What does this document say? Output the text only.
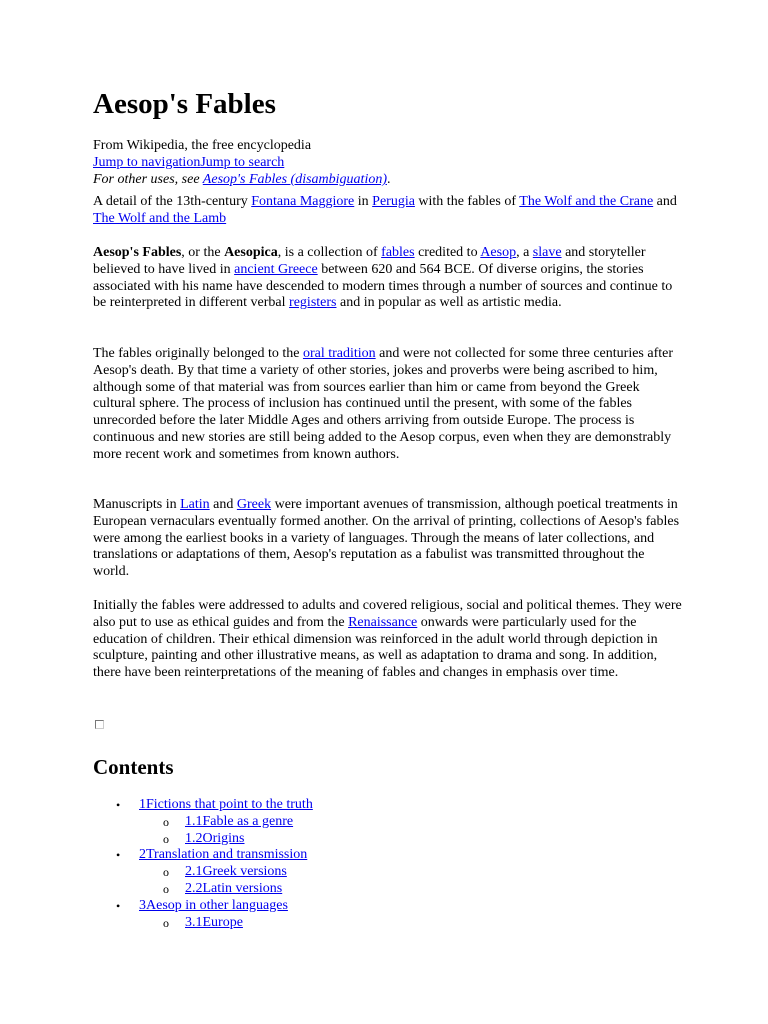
Aesop's Fables
From Wikipedia, the free encyclopedia
Jump to navigationJump to search
For other uses, see Aesop's Fables (disambiguation).

A detail of the 13th-century Fontana Maggiore in Perugia with the fables of The Wolf and the Crane and The Wolf and the Lamb

Aesop's Fables, or the Aesopica, is a collection of fables credited to Aesop, a slave and storyteller believed to have lived in ancient Greece between 620 and 564 BCE. Of diverse origins, the stories associated with his name have descended to modern times through a number of sources and continue to be reinterpreted in different verbal registers and in popular as well as artistic media.

The fables originally belonged to the oral tradition and were not collected for some three centuries after Aesop's death. By that time a variety of other stories, jokes and proverbs were being ascribed to him, although some of that material was from sources earlier than him or came from beyond the Greek cultural sphere. The process of inclusion has continued until the present, with some of the fables unrecorded before the later Middle Ages and others arriving from outside Europe. The process is continuous and new stories are still being added to the Aesop corpus, even when they are demonstrably more recent work and sometimes from known authors.

Manuscripts in Latin and Greek were important avenues of transmission, although poetical treatments in European vernaculars eventually formed another. On the arrival of printing, collections of Aesop's fables were among the earliest books in a variety of languages. Through the means of later collections, and translations or adaptations of them, Aesop's reputation as a fabulist was transmitted throughout the world.

Initially the fables were addressed to adults and covered religious, social and political themes. They were also put to use as ethical guides and from the Renaissance onwards were particularly used for the education of children. Their ethical dimension was reinforced in the adult world through depiction in sculpture, painting and other illustrative means, as well as adaptation to drama and song. In addition, there have been reinterpretations of the meaning of fables and changes in emphasis over time.

Contents
• 1Fictions that point to the truth
o 1.1Fable as a genre
o 1.2Origins
• 2Translation and transmission
o 2.1Greek versions
o 2.2Latin versions
• 3Aesop in other languages
o 3.1Europe
